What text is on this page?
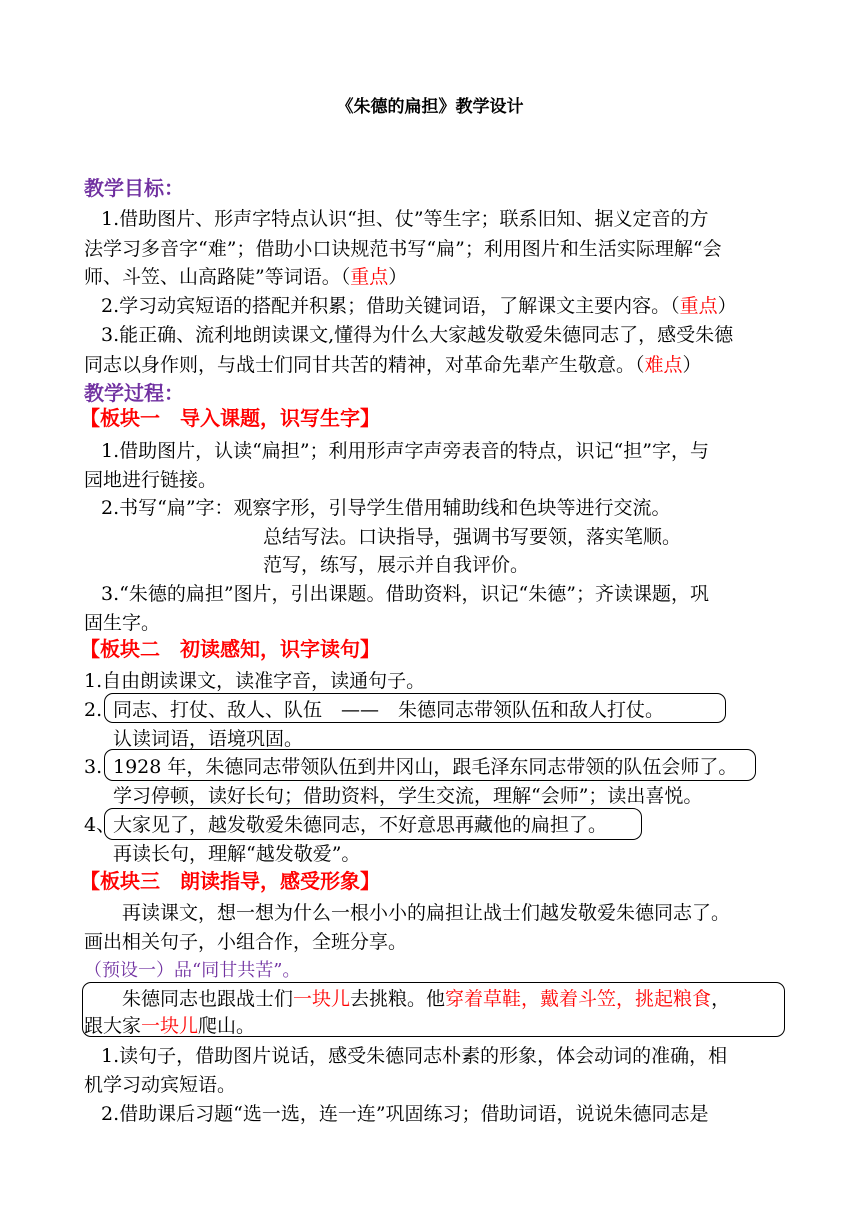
《朱德的扁担》教学设计
教学目标：
1.借助图片、形声字特点认识“担、仗”等生字；联系旧知、据义定音的方
法学习多音字“难”；借助小口诀规范书写“扁”；利用图片和生活实际理解“会
师、斗笠、山高路陡”等词语。（重点）
2.学习动宾短语的搭配并积累；借助关键词语，了解课文主要内容。（重点）
3.能正确、流利地朗读课文,懂得为什么大家越发敬爱朱德同志了，感受朱德
同志以身作则，与战士们同甘共苦的精神，对革命先辈产生敬意。（难点）
教学过程：
【板块一　导入课题，识写生字】
1.借助图片，认读“扁担”；利用形声字声旁表音的特点，识记“担”字，与
园地进行链接。
2.书写“扁”字：观察字形，引导学生借用辅助线和色块等进行交流。
总结写法。口诀指导，强调书写要领，落实笔顺。
范写，练写，展示并自我评价。
3.“朱德的扁担”图片，引出课题。借助资料，识记“朱德”；齐读课题，巩
固生字。
【板块二　初读感知，识字读句】
1.自由朗读课文，读准字音，读通句子。
2. 同志、打仗、敌人、队伍　——　朱德同志带领队伍和敌人打仗。
认读词语，语境巩固。
3. 1928 年，朱德同志带领队伍到井冈山，跟毛泽东同志带领的队伍会师了。
学习停顿，读好长句；借助资料，学生交流，理解“会师”；读出喜悦。
4、
大家见了，越发敬爱朱德同志，不好意思再藏他的扁担了。
再读长句，理解“越发敬爱”。
【板块三　朗读指导，感受形象】
再读课文，想一想为什么一根小小的扁担让战士们越发敬爱朱德同志了。
画出相关句子，小组合作，全班分享。
（预设一）品“同甘共苦”。
朱德同志也跟战士们一块儿去挑粮。他穿着草鞋，戴着斗笠，挑起粮食，
跟大家一块儿爬山。
1.读句子，借助图片说话，感受朱德同志朴素的形象，体会动词的准确，相
机学习动宾短语。
2.借助课后习题“选一选，连一连”巩固练习；借助词语，说说朱德同志是
